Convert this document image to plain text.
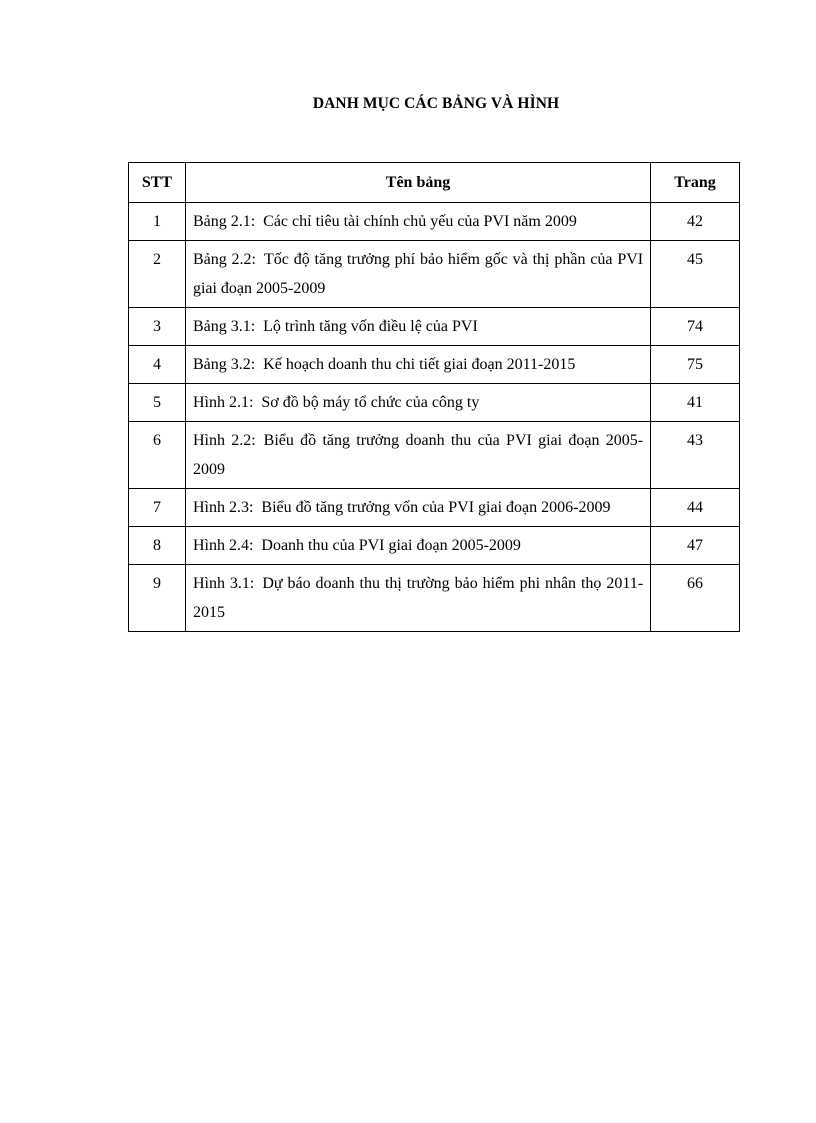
DANH MỤC CÁC BẢNG VÀ HÌNH
STT	Tên bảng	Trang
1	Bảng 2.1: Các chỉ tiêu tài chính chủ yếu của PVI năm 2009	42
2	Bảng 2.2: Tốc độ tăng trưởng phí bảo hiểm gốc và thị phần của PVI giai đoạn 2005-2009	45
3	Bảng 3.1: Lộ trình tăng vốn điều lệ của PVI	74
4	Bảng 3.2: Kế hoạch doanh thu chi tiết giai đoạn 2011-2015	75
5	Hình 2.1: Sơ đồ bộ máy tổ chức của công ty	41
6	Hình 2.2: Biểu đồ tăng trưởng doanh thu của PVI giai đoạn 2005-2009	43
7	Hình 2.3: Biểu đồ tăng trưởng vốn của PVI giai đoạn 2006-2009	44
8	Hình 2.4: Doanh thu của PVI giai đoạn 2005-2009	47
9	Hình 3.1: Dự báo doanh thu thị trường bảo hiểm phi nhân thọ 2011-2015	66
